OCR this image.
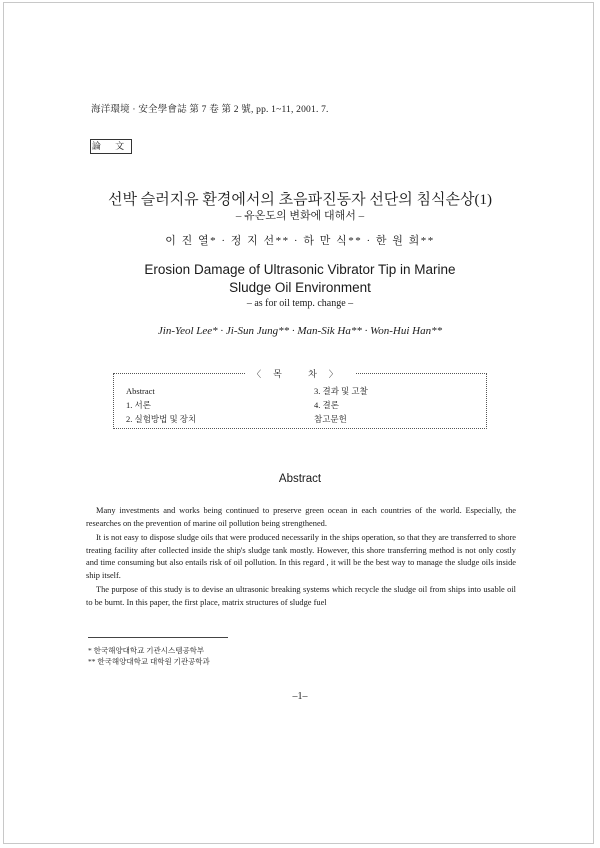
海洋環境 · 安全學會誌 第 7 卷 第 2 號, pp. 1~11, 2001. 7.
論 文
선박 슬러지유 환경에서의 초음파진동자 선단의 침식손상(1)
– 유온도의 변화에 대해서 –
이 진 열* · 정 지 선** · 하 만 식** · 한 원 희**
Erosion Damage of Ultrasonic Vibrator Tip in Marine
Sludge Oil Environment
– as for oil temp. change –
Jin-Yeol Lee* · Ji-Sun Jung** · Man-Sik Ha** · Won-Hui Han**
〈목 차〉
Abstract
1. 서론
2. 실험방법 및 장치
3. 결과 및 고찰
4. 결론
참고문헌
Abstract

Many investments and works being continued to preserve green ocean in each countries of the world. Especially, the researches on the prevention of marine oil pollution being strengthened.

It is not easy to dispose sludge oils that were produced necessarily in the ships operation, so that they are transferred to shore treating facility after collected inside the ship's sludge tank mostly. However, this shore transferring method is not only costly and time consuming but also entails risk of oil pollution. In this regard , it will be the best way to manage the sludge oils inside ship itself.

The purpose of this study is to devise an ultrasonic breaking systems which recycle the sludge oil from ships into usable oil to be burnt. In this paper, the first place, matrix structures of sludge fuel

* 한국해양대학교 기관시스템공학부
** 한국해양대학교 대학원 기관공학과
–1–
